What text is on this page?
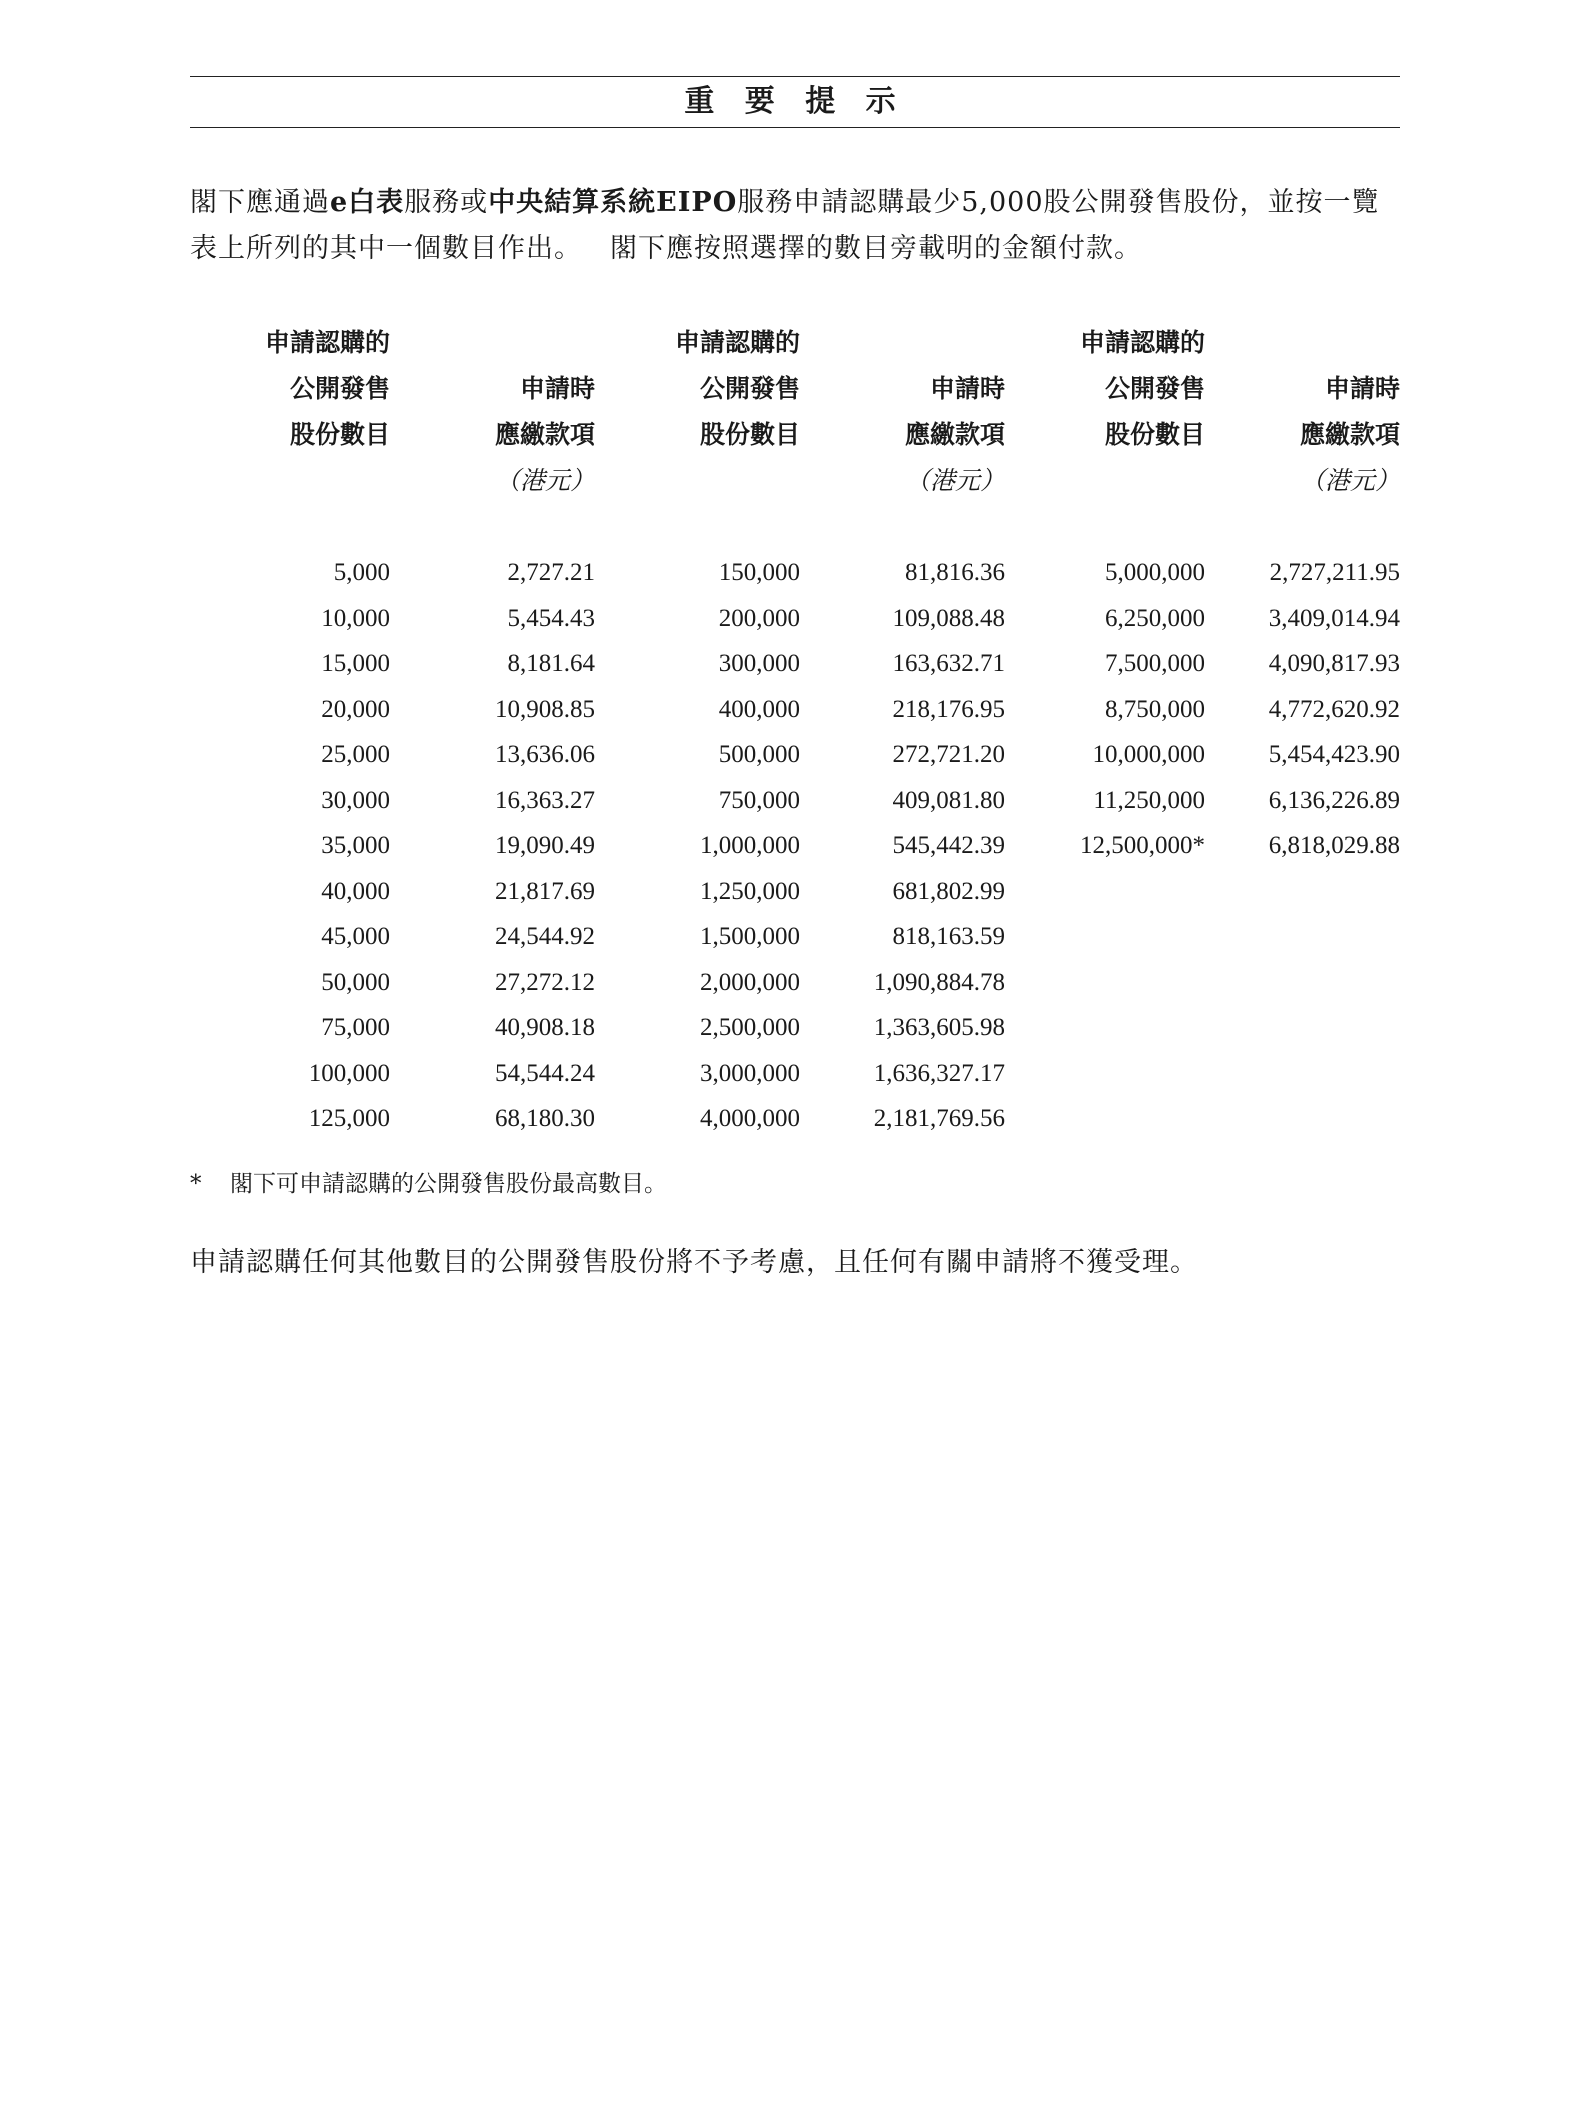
重 要 提 示
閣下應通過e白表服務或中央結算系統EIPO服務申請認購最少5,000股公開發售股份，並按一覽表上所列的其中一個數目作出。 閣下應按照選擇的數目旁載明的金額付款。
申請認購的
公開發售
股份數目
5,000
10,000
15,000
20,000
25,000
30,000
35,000
40,000
45,000
50,000
75,000
100,000
125,000
申請時
應繳款項
（港元）
2,727.21
5,454.43
8,181.64
10,908.85
13,636.06
16,363.27
19,090.49
21,817.69
24,544.92
27,272.12
40,908.18
54,544.24
68,180.30
申請認購的
公開發售
股份數目
150,000
200,000
300,000
400,000
500,000
750,000
1,000,000
1,250,000
1,500,000
2,000,000
2,500,000
3,000,000
4,000,000
申請時
應繳款項
（港元）
81,816.36
109,088.48
163,632.71
218,176.95
272,721.20
409,081.80
545,442.39
681,802.99
818,163.59
1,090,884.78
1,363,605.98
1,636,327.17
2,181,769.56
申請認購的
公開發售
股份數目
5,000,000
6,250,000
7,500,000
8,750,000
10,000,000
11,250,000
12,500,000*
申請時
應繳款項
（港元）
2,727,211.95
3,409,014.94
4,090,817.93
4,772,620.92
5,454,423.90
6,136,226.89
6,818,029.88
* 閣下可申請認購的公開發售股份最高數目。
申請認購任何其他數目的公開發售股份將不予考慮，且任何有關申請將不獲受理。
